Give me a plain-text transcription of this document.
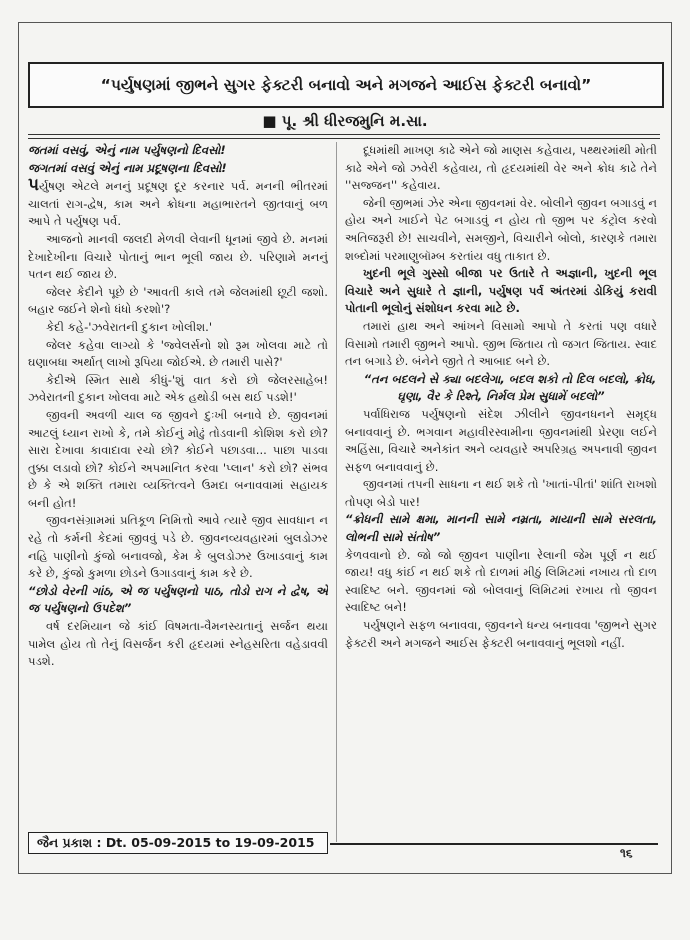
“પર્યુષણમાં જીભને સુગર ફેક્ટરી બનાવો અને મગજને આઈસ ફેક્ટરી બનાવો”
■ પૂ. શ્રી ધીરજમુનિ મ.સા.

જતમાં વસવું, એનું નામ પર્યુષણનો દિવસો!

જગતમાં વસવું એનું નામ પ્રદૂષણના દિવસો!

પર્યુષણ એટલે મનનું પ્રદૂષણ દૂર કરનાર પર્વ. મનની ભીતરમાં ચાલતાં રાગ-દ્વેષ, કામ અને ક્રોધના મહાભારતને જીતવાનું બળ આપે તે પર્યુષણ પર્વ.

આજનો માનવી જલદી મેળવી લેવાની ધૂનમાં જીવે છે. મનમાં દેખાદેખીના વિચારે પોતાનું ભાન ભૂલી જાય છે. પરિણામે મનનું પતન થઈ જાય છે.

જેલર કેદીને પૂછે છે 'આવતી કાલે તમે જેલમાંથી છૂટી જશો. બહાર જઈને શેનો ધંધો કરશો'?

કેદી કહે-'ઝવેરાતની દુકાન ખોલીશ.'

જેલર કહેવા લાગ્યો કે 'જ્વેલર્સનો શો રૂમ ખોલવા માટે તો ઘણાબધા અર્થાત્ લાખો રૂપિયા જોઈએ. છે તમારી પાસે?'

કેદીએ સ્મિત સાથે કીધું-'શું વાત કરો છો જેલરસાહેબ! ઝવેરાતની દુકાન ખોલવા માટે એક હથોડી બસ થઈ પડશે!'

જીવની અવળી ચાલ જ જીવને દુઃખી બનાવે છે. જીવનમાં આટલું ધ્યાન રાખો કે, તમે કોઈનું મોઢું તોડવાની કોશિશ કરો છો? સારા દેખાવા કાવાદાવા રચો છો? કોઈને પછાડવા... પાછા પાડવા તુક્કા લડાવો છો? કોઈને અપમાનિત કરવા 'પ્લાન' કરો છો? સંભવ છે કે એ શક્તિ તમારા વ્યક્તિત્વને ઉમદા બનાવવામાં સહાયક બની હોત!

જીવનસંગ્રામમાં પ્રતિકૂળ નિમિત્તો આવે ત્યારે જીવ સાવધાન ન રહે તો કર્મની કેદમાં જીવવું પડે છે. જીવનવ્યવહારમાં બુલડોઝર નહિ પાણીનો કુંજો બનાવજો, કેમ કે બુલડોઝર ઉખાડવાનું કામ કરે છે, કુંજો કુમળા છોડને ઉગાડવાનું કામ કરે છે.

“છોડો વેરની ગાંઠ, એ જ પર્યુષણનો પાઠ, તોડો રાગ ને દ્વેષ, એ જ પર્યુષણનો ઉપદેશ”

વર્ષ દરમિયાન જે કાંઈ વિષમતા-વૈમનસ્યતાનું સર્જન થયા પામેલ હોય તો તેનું વિસર્જન કરી હૃદયમાં સ્નેહસરિતા વહેડાવવી પડશે.

દૂધમાંથી માખણ કાઢે એને જો માણસ કહેવાય, પથ્થરમાંથી મોતી કાઢે એને જો ઝવેરી કહેવાય, તો હૃદયમાંથી વેર અને ક્રોધ કાઢે તેને ''સજ્જન'' કહેવાય.

જેની જીભમાં ઝેર એના જીવનમાં વેર. બોલીને જીવન બગાડવું ન હોય અને ખાઈને પેટ બગાડવું ન હોય તો જીભ પર કંટ્રોલ કરવો અતિજરૂરી છે! સાચવીને, સમજીને, વિચારીને બોલો, કારણકે તમારા શબ્દોમાં પરમાણુબૉમ્બ કરતાંય વધુ તાકાત છે.

ખુદની ભૂલે ગુસ્સો બીજા પર ઉતારે તે અજ્ઞાની, ખુદની ભૂલ વિચારે અને સુધારે તે જ્ઞાની, પર્યુષણ પર્વ અંતરમાં ડોકિયું કરાવી પોતાની ભૂલોનું સંશોધન કરવા માટે છે.

તમારાં હાથ અને આંખને વિસામો આપો તે કરતાં પણ વધારે વિસામો તમારી જીભને આપો. જીભ જિતાય તો જગત જિતાય. સ્વાદ તન બગાડે છે. બંનેને જીતે તે આબાદ બને છે.

“તન બદલને સે ક્યા બદલેગા, બદલ શકો તો દિલ બદલો, ક્રોધ, ઘૃણા, વૈર કે રિશ્તે, નિર્મલ પ્રેમ સુધામેં બદલો”

પર્વાધિરાજ પર્યુષણનો સંદેશ ઝીલીને જીવનધનને સમૃદ્ધ બનાવવાનું છે. ભગવાન મહાવીરસ્વામીના જીવનમાંથી પ્રેરણા લઈને અહિંસા, વિચારે અનેકાંત અને વ્યવહારે અપરિગ્રહ અપનાવી જીવન સફળ બનાવવાનું છે.

જીવનમાં તપની સાધના ન થઈ શકે તો 'ખાતાં-પીતાં' શાંતિ રાખશો તોપણ બેડો પાર!

“ક્રોધની સામે ક્ષમા, માનની સામે નમ્રતા, માયાની સામે સરલતા, લોભની સામે સંતોષ”

કેળવવાનો છે. જો જો જીવન પાણીના રેલાની જેમ પૂર્ણ ન થઈ જાય! વધુ કાંઈ ન થઈ શકે તો દાળમાં મીઠું લિમિટમાં નખાય તો દાળ સ્વાદિષ્ટ બને. જીવનમાં જો બોલવાનું લિમિટમાં રખાય તો જીવન સ્વાદિષ્ટ બને!

પર્યુષણને સફળ બનાવવા, જીવનને ધન્ય બનાવવા 'જીભને સુગર ફેક્ટરી અને મગજને આઈસ ફેક્ટરી બનાવવાનું ભૂલશો નહીં.

જૈન પ્રકાશ : Dt. 05-09-2015 to 19-09-2015
૧૬
